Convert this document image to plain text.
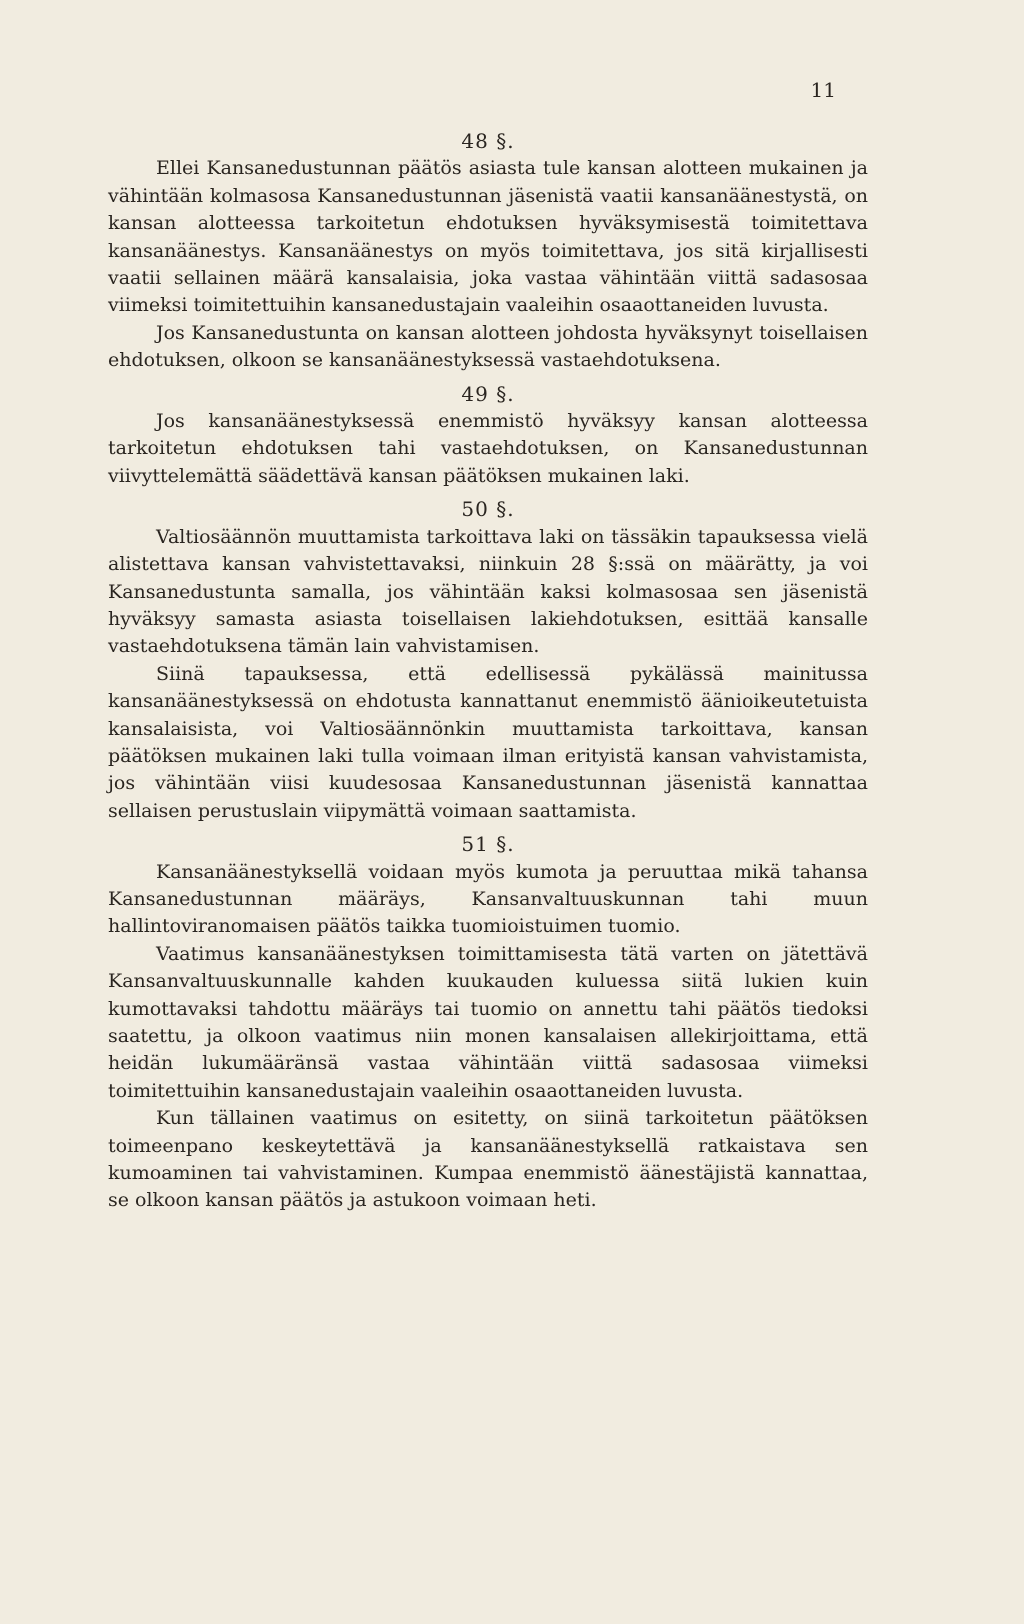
11

48 §.

Ellei Kansanedustunnan päätös asiasta tule kansan alotteen mukainen ja vähintään kolmasosa Kansanedustunnan jäsenistä vaatii kansanäänestystä, on kansan alotteessa tarkoitetun ehdotuksen hyväksymisestä toimitettava kansanäänestys. Kansanäänestys on myös toimitettava, jos sitä kirjallisesti vaatii sellainen määrä kansalaisia, joka vastaa vähintään viittä sadasosaa viimeksi toimitettuihin kansanedustajain vaaleihin osaaottaneiden luvusta.

Jos Kansanedustunta on kansan alotteen johdosta hyväksynyt toisellaisen ehdotuksen, olkoon se kansanäänestyksessä vastaehdotuksena.

49 §.

Jos kansanäänestyksessä enemmistö hyväksyy kansan alotteessa tarkoitetun ehdotuksen tahi vastaehdotuksen, on Kansanedustunnan viivyttelemättä säädettävä kansan päätöksen mukainen laki.

50 §.

Valtiosäännön muuttamista tarkoittava laki on tässäkin tapauksessa vielä alistettava kansan vahvistettavaksi, niinkuin 28 §:ssä on määrätty, ja voi Kansanedustunta samalla, jos vähintään kaksi kolmasosaa sen jäsenistä hyväksyy samasta asiasta toisellaisen lakiehdotuksen, esittää kansalle vastaehdotuksena tämän lain vahvistamisen.

Siinä tapauksessa, että edellisessä pykälässä mainitussa kansanäänestyksessä on ehdotusta kannattanut enemmistö äänioikeutetuista kansalaisista, voi Valtiosäännönkin muuttamista tarkoittava, kansan päätöksen mukainen laki tulla voimaan ilman erityistä kansan vahvistamista, jos vähintään viisi kuudesosaa Kansanedustunnan jäsenistä kannattaa sellaisen perustuslain viipymättä voimaan saattamista.

51 §.

Kansanäänestyksellä voidaan myös kumota ja peruuttaa mikä tahansa Kansanedustunnan määräys, Kansanvaltuuskunnan tahi muun hallintoviranomaisen päätös taikka tuomioistuimen tuomio.

Vaatimus kansanäänestyksen toimittamisesta tätä varten on jätettävä Kansanvaltuuskunnalle kahden kuukauden kuluessa siitä lukien kuin kumottavaksi tahdottu määräys tai tuomio on annettu tahi päätös tiedoksi saatettu, ja olkoon vaatimus niin monen kansalaisen allekirjoittama, että heidän lukumääränsä vastaa vähintään viittä sadasosaa viimeksi toimitettuihin kansanedustajain vaaleihin osaaottaneiden luvusta.

Kun tällainen vaatimus on esitetty, on siinä tarkoitetun päätöksen toimeenpano keskeytettävä ja kansanäänestyksellä ratkaistava sen kumoaminen tai vahvistaminen. Kumpaa enemmistö äänestäjistä kannattaa, se olkoon kansan päätös ja astukoon voimaan heti.
